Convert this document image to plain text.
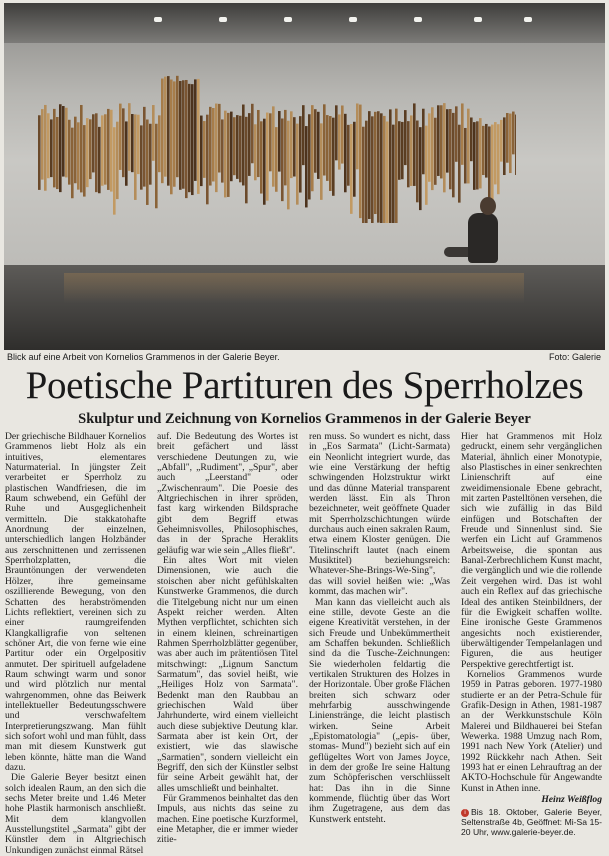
Blick auf eine Arbeit von Kornelios Grammenos in der Galerie Beyer.	Foto: Galerie
Poetische Partituren des Sperrholzes
Skulptur und Zeichnung von Kornelios Grammenos in der Galerie Beyer

Der griechische Bildhauer Kornelios Grammenos liebt Holz als ein intuitives, elementares Naturmaterial. In jüngster Zeit verarbeitet er Sperrholz zu plastischen Wandfriesen, die im Raum schwebend, ein Gefühl der Ruhe und Ausgeglichenheit vermitteln. Die stakkatohafte Anordnung der einzelnen, unterschiedlich langen Holzbänder aus zerschnittenen und zerrissenen Sperrholzplatten, die Brauntönungen der verwendeten Hölzer, ihre gemeinsame oszillierende Bewegung, von den Schatten des herabströmenden Lichts reflektiert, vereinen sich zu einer raumgreifenden Klangkalligrafie von seltenen schöner Art, die von ferne wie eine Partitur oder ein Orgelpositiv anmutet. Der spirituell aufgeladene Raum schwingt warm und sonor und wird plötzlich nur mental wahrgenommen, ohne das Beiwerk intellektueller Bedeutungsschwere und verschwafeltem Interpretierungszwang. Man fühlt sich sofort wohl und man fühlt, dass man mit diesem Kunstwerk gut leben könnte, hätte man die Wand dazu.

Die Galerie Beyer besitzt einen solch idealen Raum, an den sich die sechs Meter breite und 1.46 Meter hohe Plastik harmonisch anschließt. Mit dem klangvollen Ausstellungstitel „Sarmata" gibt der Künstler dem in Altgriechisch Unkundigen zunächst einmal Rätsel

auf. Die Bedeutung des Wortes ist breit gefächert und lässt verschiedene Deutungen zu, wie „Abfall", „Rudiment", „Spur", aber auch „Leerstand" oder „Zwischenraum". Die Poesie des Altgriechischen in ihrer spröden, fast karg wirkenden Bildsprache gibt dem Begriff etwas Geheimnisvolles, Philosophisches, das in der Sprache Heraklits geläufig war wie sein „Alles fließt".

Ein altes Wort mit vielen Dimensionen, wie auch die stoischen aber nicht gefühlskalten Kunstwerke Grammenos, die durch die Titelgebung nicht nur um einen Aspekt reicher werden. Alten Mythen verpflichtet, schichten sich in einem kleinen, schreinartigen Rahmen Sperrholzblätter gegenüber, was aber auch im prätentiösen Titel mitschwingt: „Lignum Sanctum Sarmatum", das soviel heißt, wie „Heiliges Holz von Sarmata". Bedenkt man den Raubbau an griechischen Wald über Jahrhunderte, wird einem vielleicht auch diese subjektive Deutung klar. Sarmata aber ist kein Ort, der existiert, wie das slawische „Sarmatien", sondern vielleicht ein Begriff, den sich der Künstler selbst für seine Arbeit gewählt hat, der alles umschließt und beinhaltet.

Für Grammenos beinhaltet das den Impuls, aus nichts das seine zu machen. Eine poetische Kurzformel, eine Metapher, die er immer wieder zitie-

ren muss. So wundert es nicht, dass in „Eos Sarmata" (Licht-Sarmata) ein Neonlicht integriert wurde, das wie eine Verstärkung der heftig schwingenden Holzstruktur wirkt und das dünne Material transparent werden lässt. Ein als Thron bezeichneter, weit geöffnete Quader mit Sperrholzschichtungen würde durchaus auch einen sakralen Raum, etwa einem Kloster genügen. Die Titelinschrift lautet (nach einem Musiktitel) beziehungsreich: Whatever-She-Brings-We-Sing", das will soviel heißen wie: „Was kommt, das machen wir".

Man kann das vielleicht auch als eine stille, devote Geste an die eigene Kreativität verstehen, in der sich Freude und Unbekümmertheit am Schaffen bekunden. Schließlich sind da die Tusche-Zeichnungen: Sie wiederholen feldartig die vertikalen Strukturen des Holzes in der Horizontale. Über große Flächen breiten sich schwarz oder mehrfarbig ausschwingende Linienstränge, die leicht plastisch wirken. Seine Arbeit „Epistomatologia" („epis- über, stomas- Mund") bezieht sich auf ein geflügeltes Wort von James Joyce, in dem der große Ire seine Haltung zum Schöpferischen verschlüsselt hat: Das ihn in die Sinne kommende, flüchtig über das Wort ihm Zugetragene, aus dem das Kunstwerk entsteht.

Hier hat Grammenos mit Holz gedruckt, einem sehr vergänglichen Material, ähnlich einer Monotypie, also Plastisches in einer senkrechten Linienschrift auf eine zweidimensionale Ebene gebracht, mit zarten Pastelltönen versehen, die sich wie zufällig in das Bild einfügen und Botschaften der Freude und Sinnenlust sind. Sie werfen ein Licht auf Grammenos Arbeitsweise, die spontan aus Banal-Zerbrechlichem Kunst macht, die vergänglich und wie die rollende Zeit vergehen wird. Das ist wohl auch ein Reflex auf das griechische Ideal des antiken Steinbildners, der für die Ewigkeit schaffen wollte. Eine ironische Geste Grammenos angesichts noch existierender, überwältigender Tempelanlagen und Figuren, die aus heutiger Perspektive gerechtfertigt ist.

Kornelios Grammenos wurde 1959 in Patras geboren. 1977-1980 studierte er an der Petra-Schule für Grafik-Design in Athen, 1981-1987 an der Werkkunstschule Köln Malerei und Bildhauerei bei Stefan Wewerka. 1988 Umzug nach Rom, 1991 nach New York (Atelier) und 1992 Rückkehr nach Athen. Seit 1993 hat er einen Lehrauftrag an der AKTO-Hochschule für Angewandte Kunst in Athen inne.

Heinz Weißflog
i Bis 18. Oktober, Galerie Beyer, Seltenstraße 4b, Geöffnet: Mi-Sa 15-20 Uhr, www.galerie-beyer.de.
